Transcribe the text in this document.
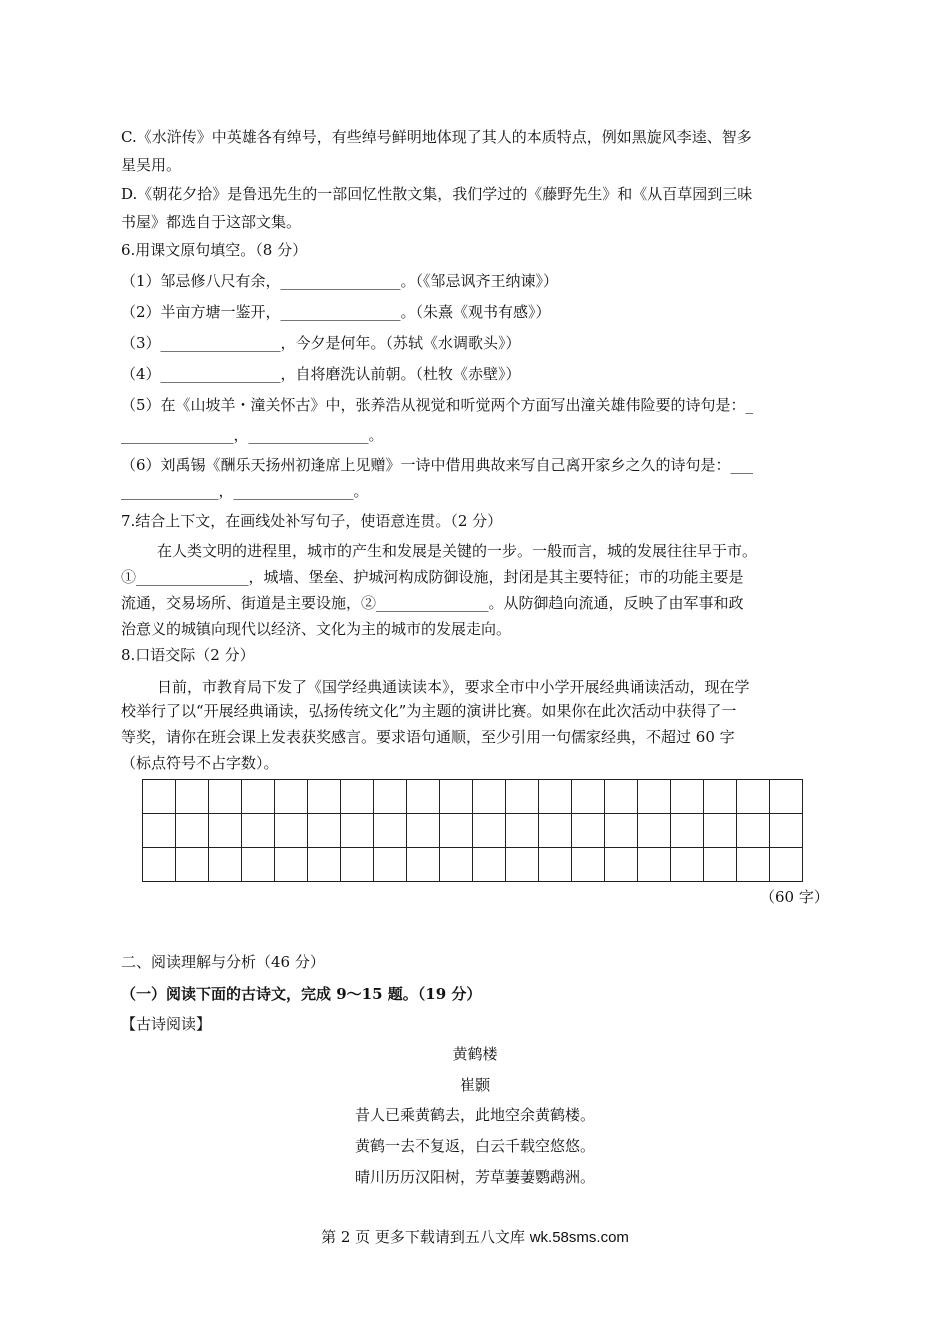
C.《水浒传》中英雄各有绰号，有些绰号鲜明地体现了其人的本质特点，例如黑旋风李逵、智多
星吴用。
D.《朝花夕拾》是鲁迅先生的一部回忆性散文集，我们学过的《藤野先生》和《从百草园到三味
书屋》都选自于这部文集。
6.用课文原句填空。（8 分）
（1）邹忌修八尺有余，________________。（《邹忌讽齐王纳谏》）
（2）半亩方塘一鉴开，________________。（朱熹《观书有感》）
（3）________________，今夕是何年。（苏轼《水调歌头》）
（4）________________，自将磨洗认前朝。（杜牧《赤壁》）
（5）在《山坡羊・潼关怀古》中，张养浩从视觉和听觉两个方面写出潼关雄伟险要的诗句是：_
_______________，________________。
（6）刘禹锡《酬乐天扬州初逢席上见赠》一诗中借用典故来写自己离开家乡之久的诗句是：___
_____________，________________。
7.结合上下文，在画线处补写句子，使语意连贯。（2 分）
在人类文明的进程里，城市的产生和发展是关键的一步。一般而言，城的发展往往早于市。
①_______________，城墙、堡垒、护城河构成防御设施，封闭是其主要特征；市的功能主要是
流通，交易场所、街道是主要设施，②_______________。从防御趋向流通，反映了由军事和政
治意义的城镇向现代以经济、文化为主的城市的发展走向。
8.口语交际（2 分）
日前，市教育局下发了《国学经典通读读本》，要求全市中小学开展经典诵读活动，现在学
校举行了以“开展经典诵读，弘扬传统文化”为主题的演讲比赛。如果你在此次活动中获得了一
等奖，请你在班会课上发表获奖感言。要求语句通顺，至少引用一句儒家经典，不超过 60 字
（标点符号不占字数）。

（60 字）
二、阅读理解与分析（46 分）
（一）阅读下面的古诗文，完成 9～15 题。（19 分）
【古诗阅读】
黄鹤楼
崔颢
昔人已乘黄鹤去，此地空余黄鹤楼。
黄鹤一去不复返，白云千载空悠悠。
晴川历历汉阳树，芳草萋萋鹦鹉洲。
第 2 页 更多下载请到五八文库 wk.58sms.com
